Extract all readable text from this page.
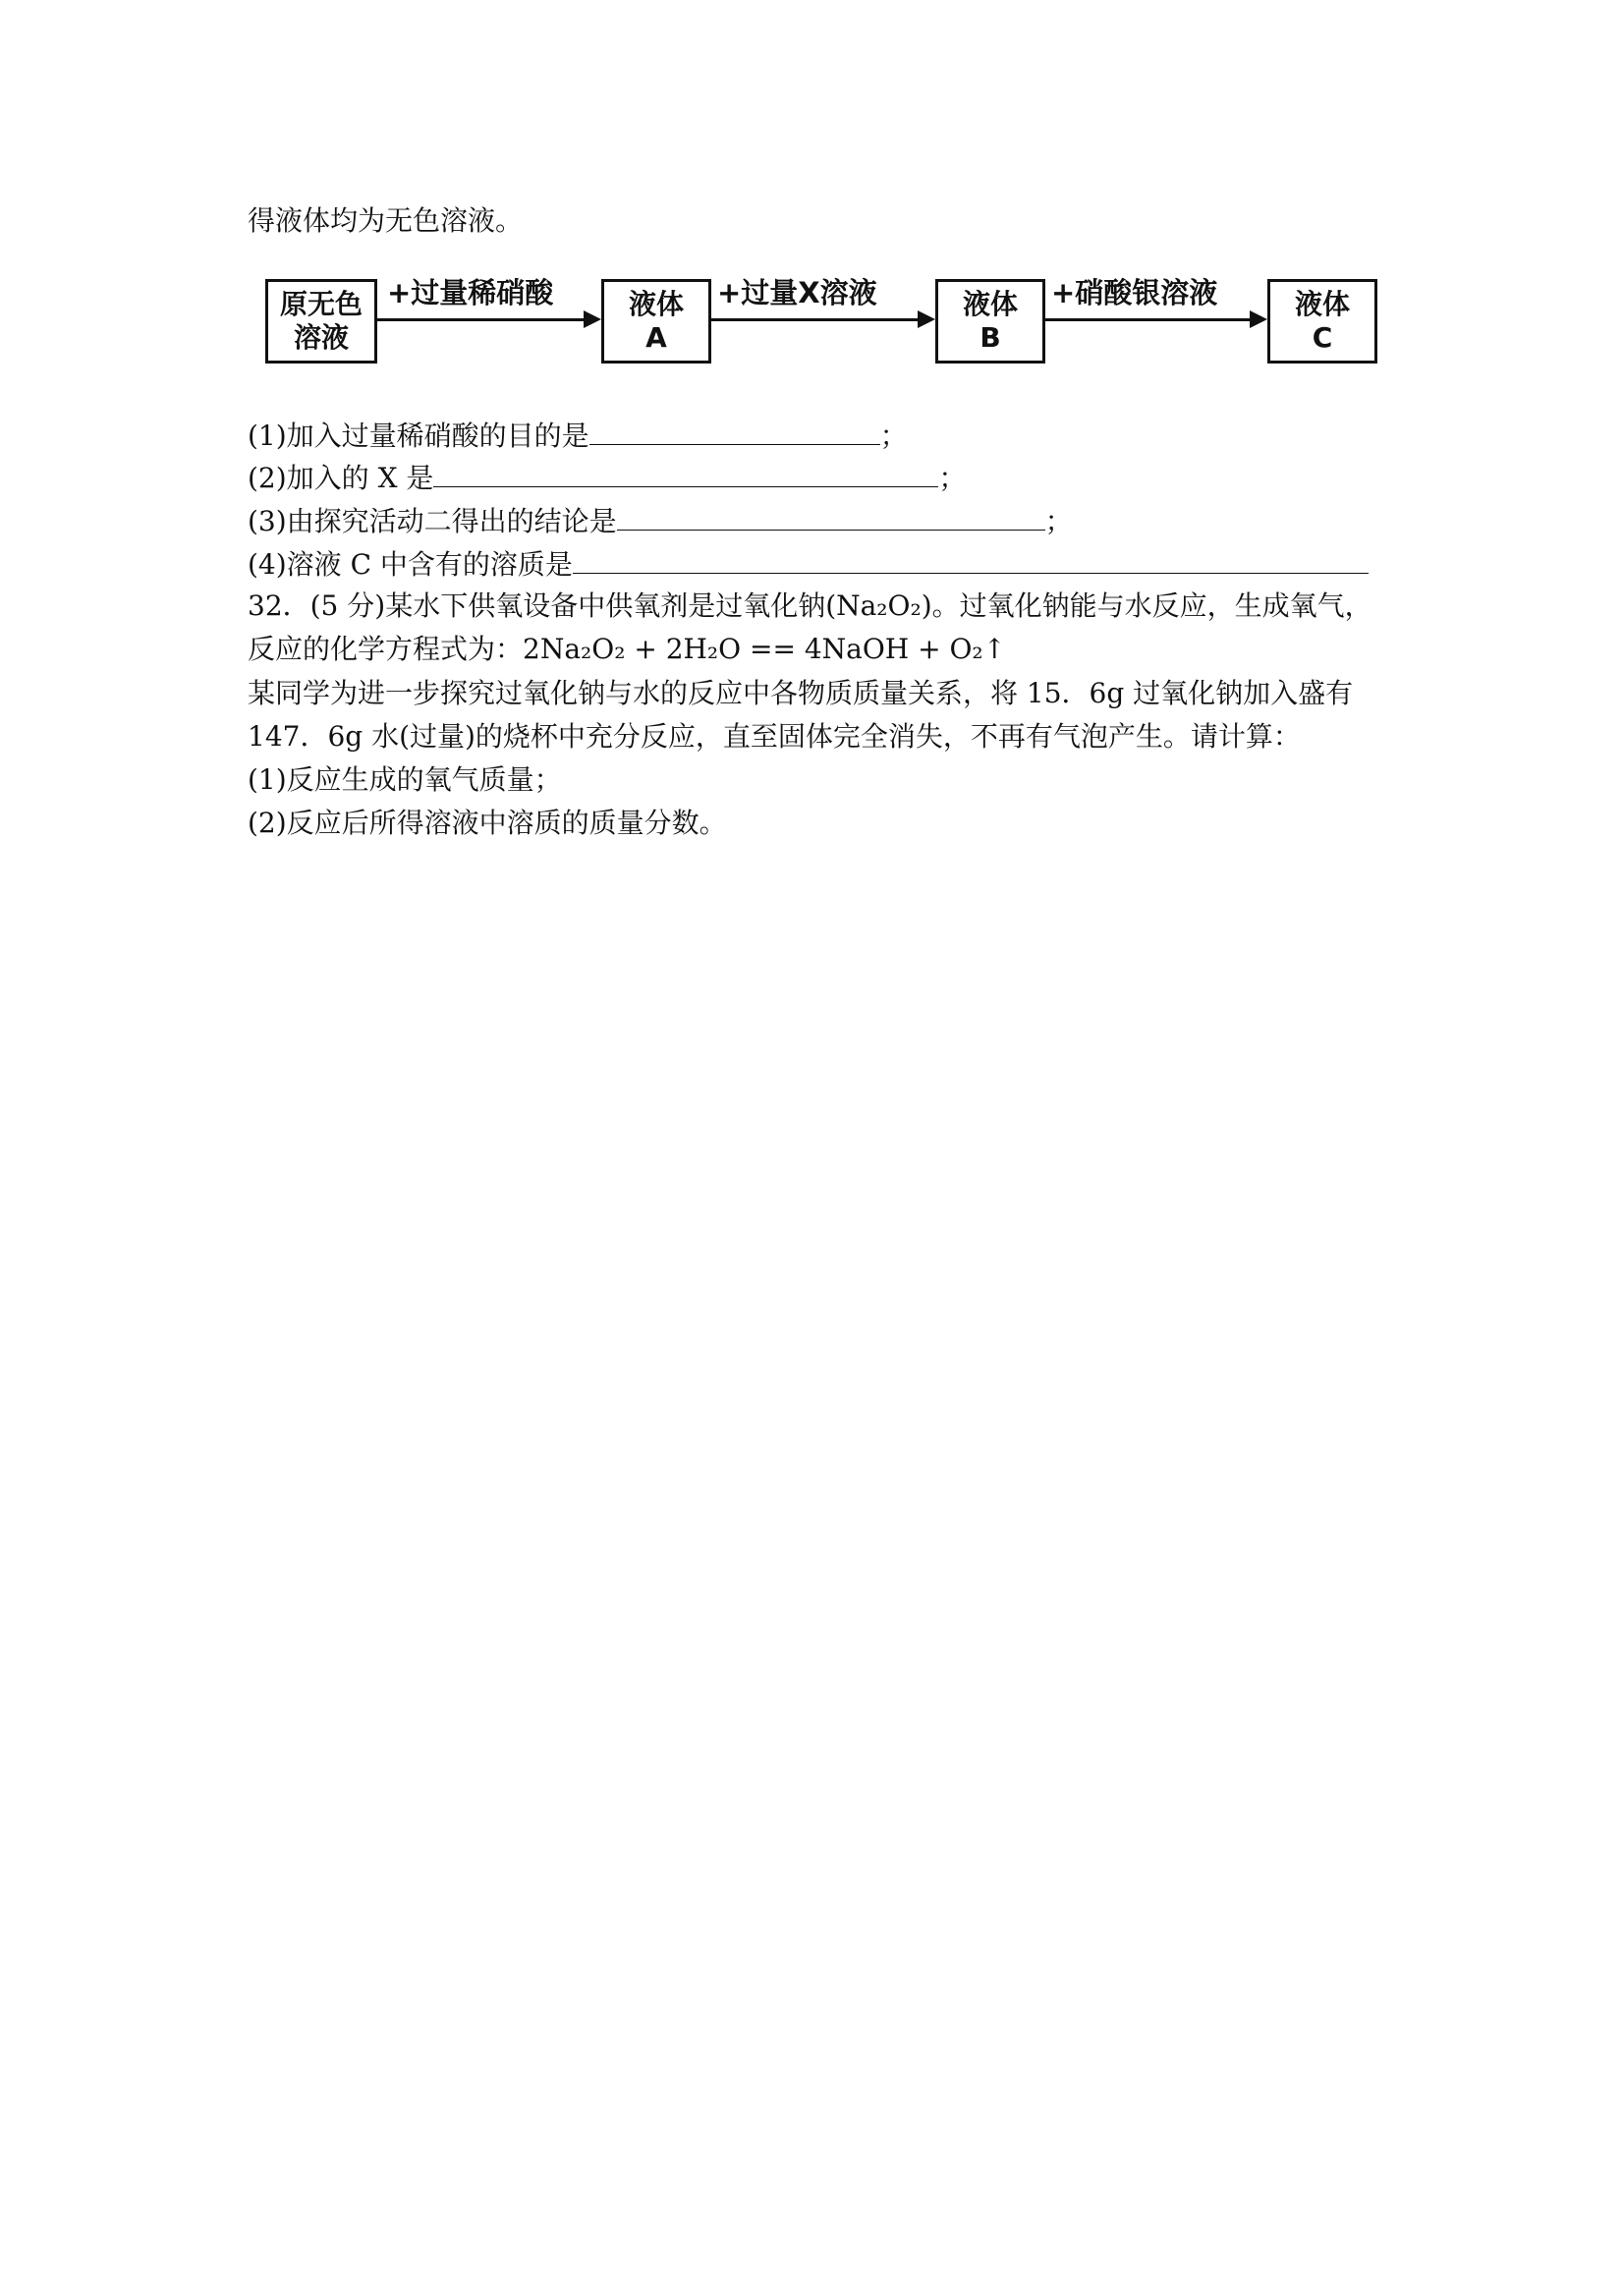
得液体均为无色溶液。
原无色
溶液
+过量稀硝酸	液体
A
+过量X溶液	液体
B
+硝酸银溶液	液体
C
(1)加入过量稀硝酸的目的是	；
(2)加入的 X 是	；
(3)由探究活动二得出的结论是	；
(4)溶液 C 中含有的溶质是
32．(5 分)某水下供氧设备中供氧剂是过氧化钠(Na₂O₂)。过氧化钠能与水反应，生成氧气，
反应的化学方程式为：2Na₂O₂ + 2H₂O == 4NaOH + O₂↑
某同学为进一步探究过氧化钠与水的反应中各物质质量关系，将 15．6g 过氧化钠加入盛有
147．6g 水(过量)的烧杯中充分反应，直至固体完全消失，不再有气泡产生。请计算：
(1)反应生成的氧气质量；
(2)反应后所得溶液中溶质的质量分数。
